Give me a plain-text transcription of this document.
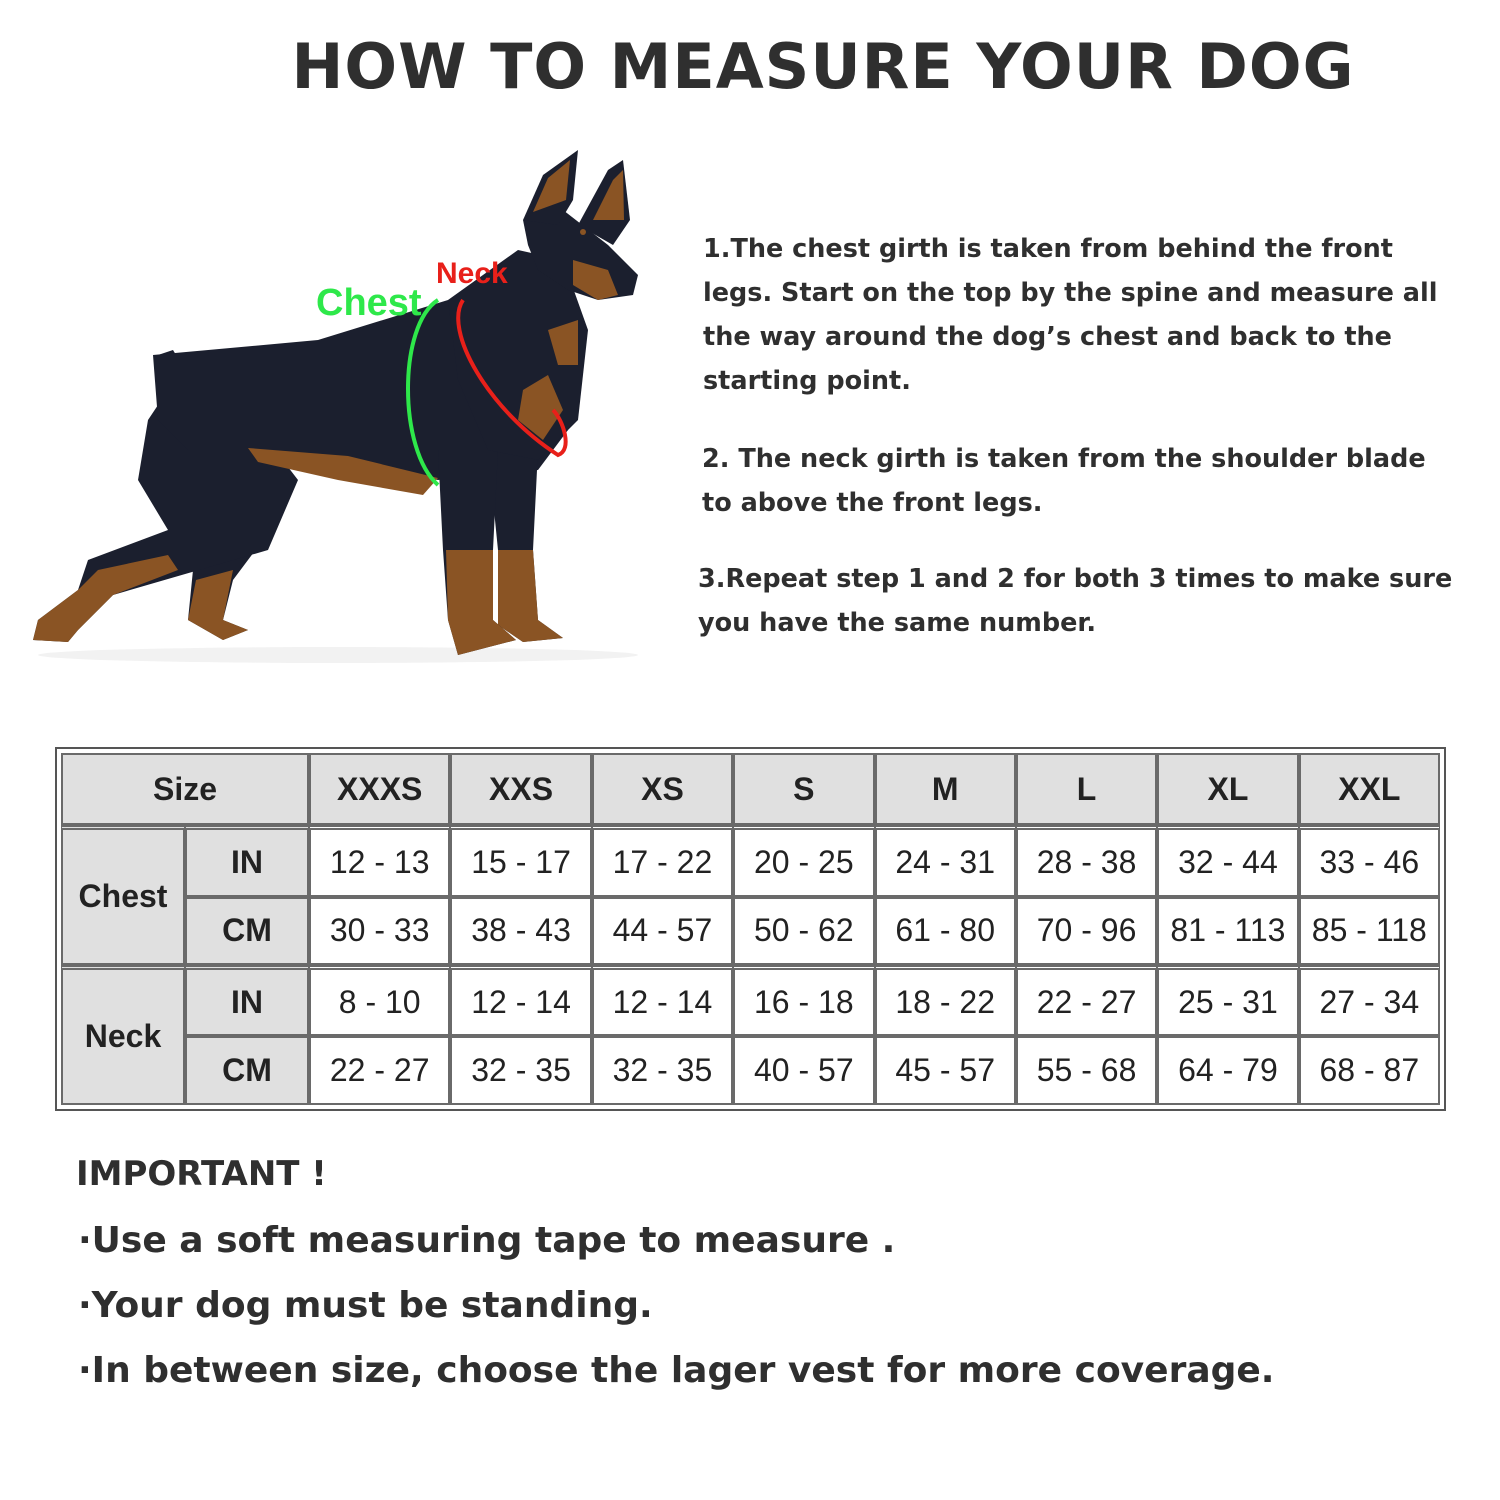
HOW TO MEASURE YOUR DOG
Chest
Neck

1.The chest girth is taken from behind the front legs. Start on the top by the spine and measure all the way around the dog’s chest and back to the starting point.

2. The neck girth is taken from the shoulder blade to above the front legs.

3.Repeat step 1 and 2 for both 3 times to make sure you have the same number.

Size		XXXS	XXS	XS	S	M	L	XL	XXL
Chest	IN	12 - 13	15 - 17	17 - 22	20 - 25	24 - 31	28 - 38	32 - 44	33 - 46
	CM	30 - 33	38 - 43	44 - 57	50 - 62	61 - 80	70 - 96	81 - 113	85 - 118
Neck	IN	8 - 10	12 - 14	12 - 14	16 - 18	18 - 22	22 - 27	25 - 31	27 - 34
	CM	22 - 27	32 - 35	32 - 35	40 - 57	45 - 57	55 - 68	64 - 79	68 - 87
IMPORTANT !

·Use a soft measuring tape to measure .

·Your dog must be standing.

·In between size, choose the lager vest for more coverage.
